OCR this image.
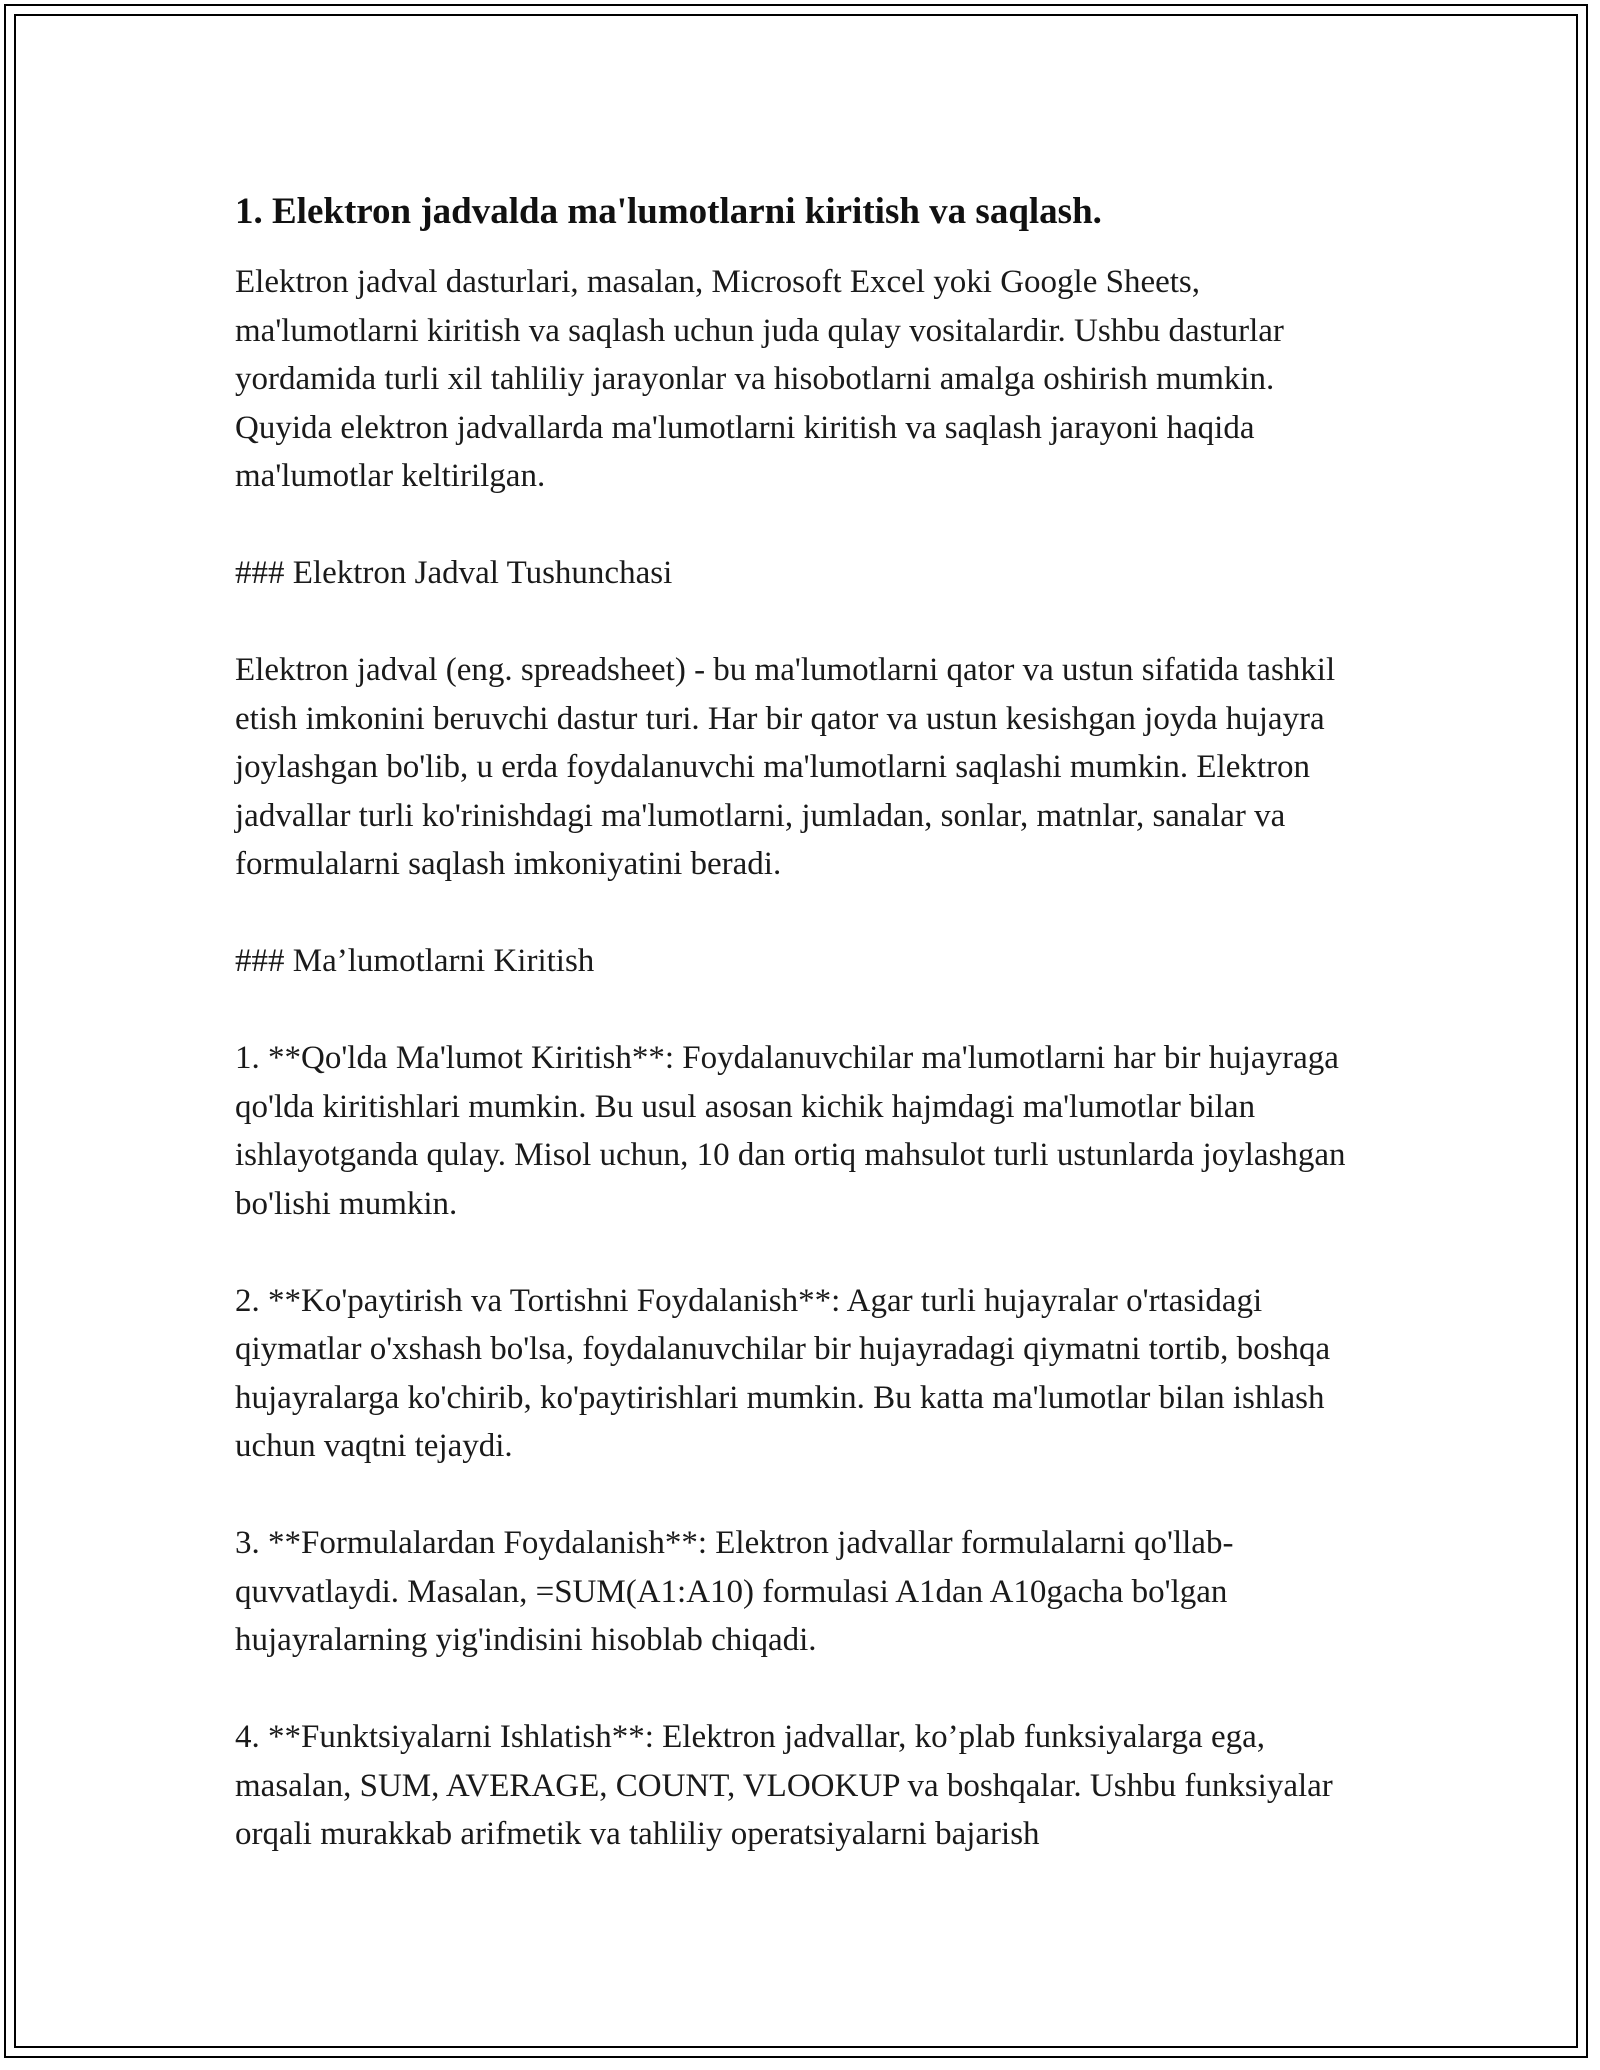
1. Elektron jadvalda ma'lumotlarni kiritish va saqlash.

Elektron jadval dasturlari, masalan, Microsoft Excel yoki Google Sheets, ma'lumotlarni kiritish va saqlash uchun juda qulay vositalardir. Ushbu dasturlar yordamida turli xil tahliliy jarayonlar va hisobotlarni amalga oshirish mumkin. Quyida elektron jadvallarda ma'lumotlarni kiritish va saqlash jarayoni haqida ma'lumotlar keltirilgan.

### Elektron Jadval Tushunchasi

Elektron jadval (eng. spreadsheet) - bu ma'lumotlarni qator va ustun sifatida tashkil etish imkonini beruvchi dastur turi. Har bir qator va ustun kesishgan joyda hujayra joylashgan bo'lib, u erda foydalanuvchi ma'lumotlarni saqlashi mumkin. Elektron jadvallar turli ko'rinishdagi ma'lumotlarni, jumladan, sonlar, matnlar, sanalar va formulalarni saqlash imkoniyatini beradi.

### Ma’lumotlarni Kiritish

1. **Qo'lda Ma'lumot Kiritish**: Foydalanuvchilar ma'lumotlarni har bir hujayraga qo'lda kiritishlari mumkin. Bu usul asosan kichik hajmdagi ma'lumotlar bilan ishlayotganda qulay. Misol uchun, 10 dan ortiq mahsulot turli ustunlarda joylashgan bo'lishi mumkin.

2. **Ko'paytirish va Tortishni Foydalanish**: Agar turli hujayralar o'rtasidagi qiymatlar o'xshash bo'lsa, foydalanuvchilar bir hujayradagi qiymatni tortib, boshqa hujayralarga ko'chirib, ko'paytirishlari mumkin. Bu katta ma'lumotlar bilan ishlash uchun vaqtni tejaydi.

3. **Formulalardan Foydalanish**: Elektron jadvallar formulalarni qo'llab-quvvatlaydi. Masalan, =SUM(A1:A10) formulasi A1dan A10gacha bo'lgan hujayralarning yig'indisini hisoblab chiqadi.

4. **Funktsiyalarni Ishlatish**: Elektron jadvallar, ko’plab funksiyalarga ega, masalan, SUM, AVERAGE, COUNT, VLOOKUP va boshqalar. Ushbu funksiyalar orqali murakkab arifmetik va tahliliy operatsiyalarni bajarish
